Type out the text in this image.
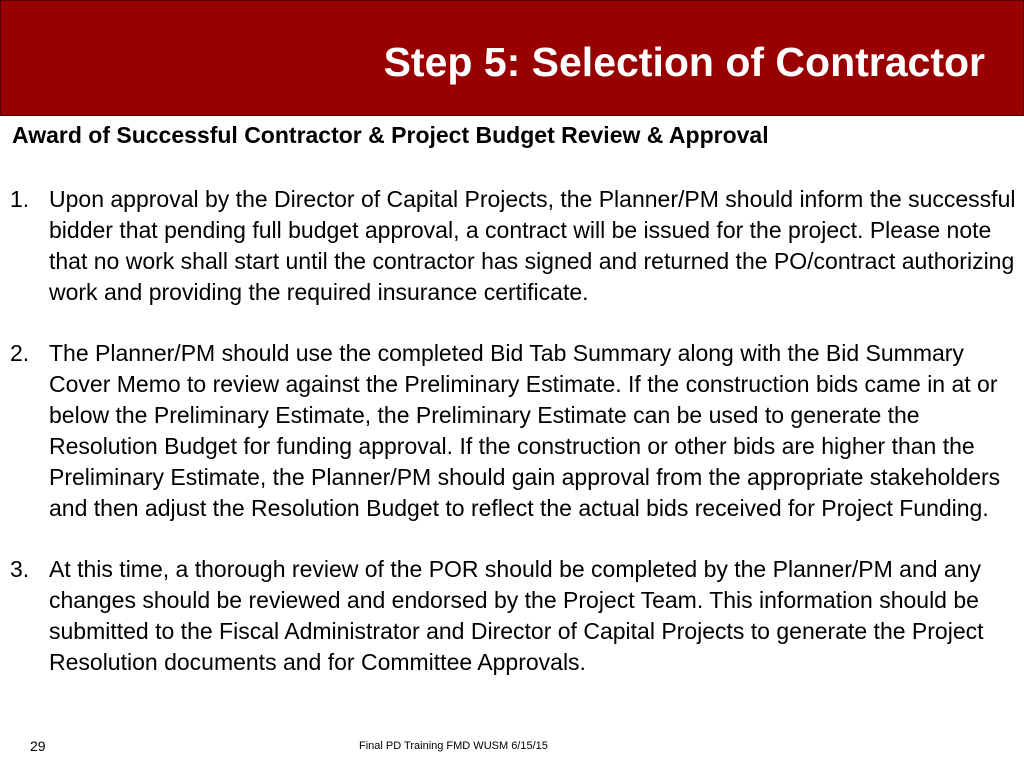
Step 5: Selection of Contractor
Award of Successful Contractor & Project Budget Review & Approval
1. Upon approval by the Director of Capital Projects, the Planner/PM should inform the successful bidder that pending full budget approval, a contract will be issued for the project. Please note that no work shall start until the contractor has signed and returned the PO/contract authorizing work and providing the required insurance certificate.
2. The Planner/PM should use the completed Bid Tab Summary along with the Bid Summary Cover Memo to review against the Preliminary Estimate. If the construction bids came in at or below the Preliminary Estimate, the Preliminary Estimate can be used to generate the Resolution Budget for funding approval. If the construction or other bids are higher than the Preliminary Estimate, the Planner/PM should gain approval from the appropriate stakeholders and then adjust the Resolution Budget to reflect the actual bids received for Project Funding.
3. At this time, a thorough review of the POR should be completed by the Planner/PM and any changes should be reviewed and endorsed by the Project Team. This information should be submitted to the Fiscal Administrator and Director of Capital Projects to generate the Project Resolution documents and for Committee Approvals.
29	Final PD Training FMD WUSM 6/15/15
